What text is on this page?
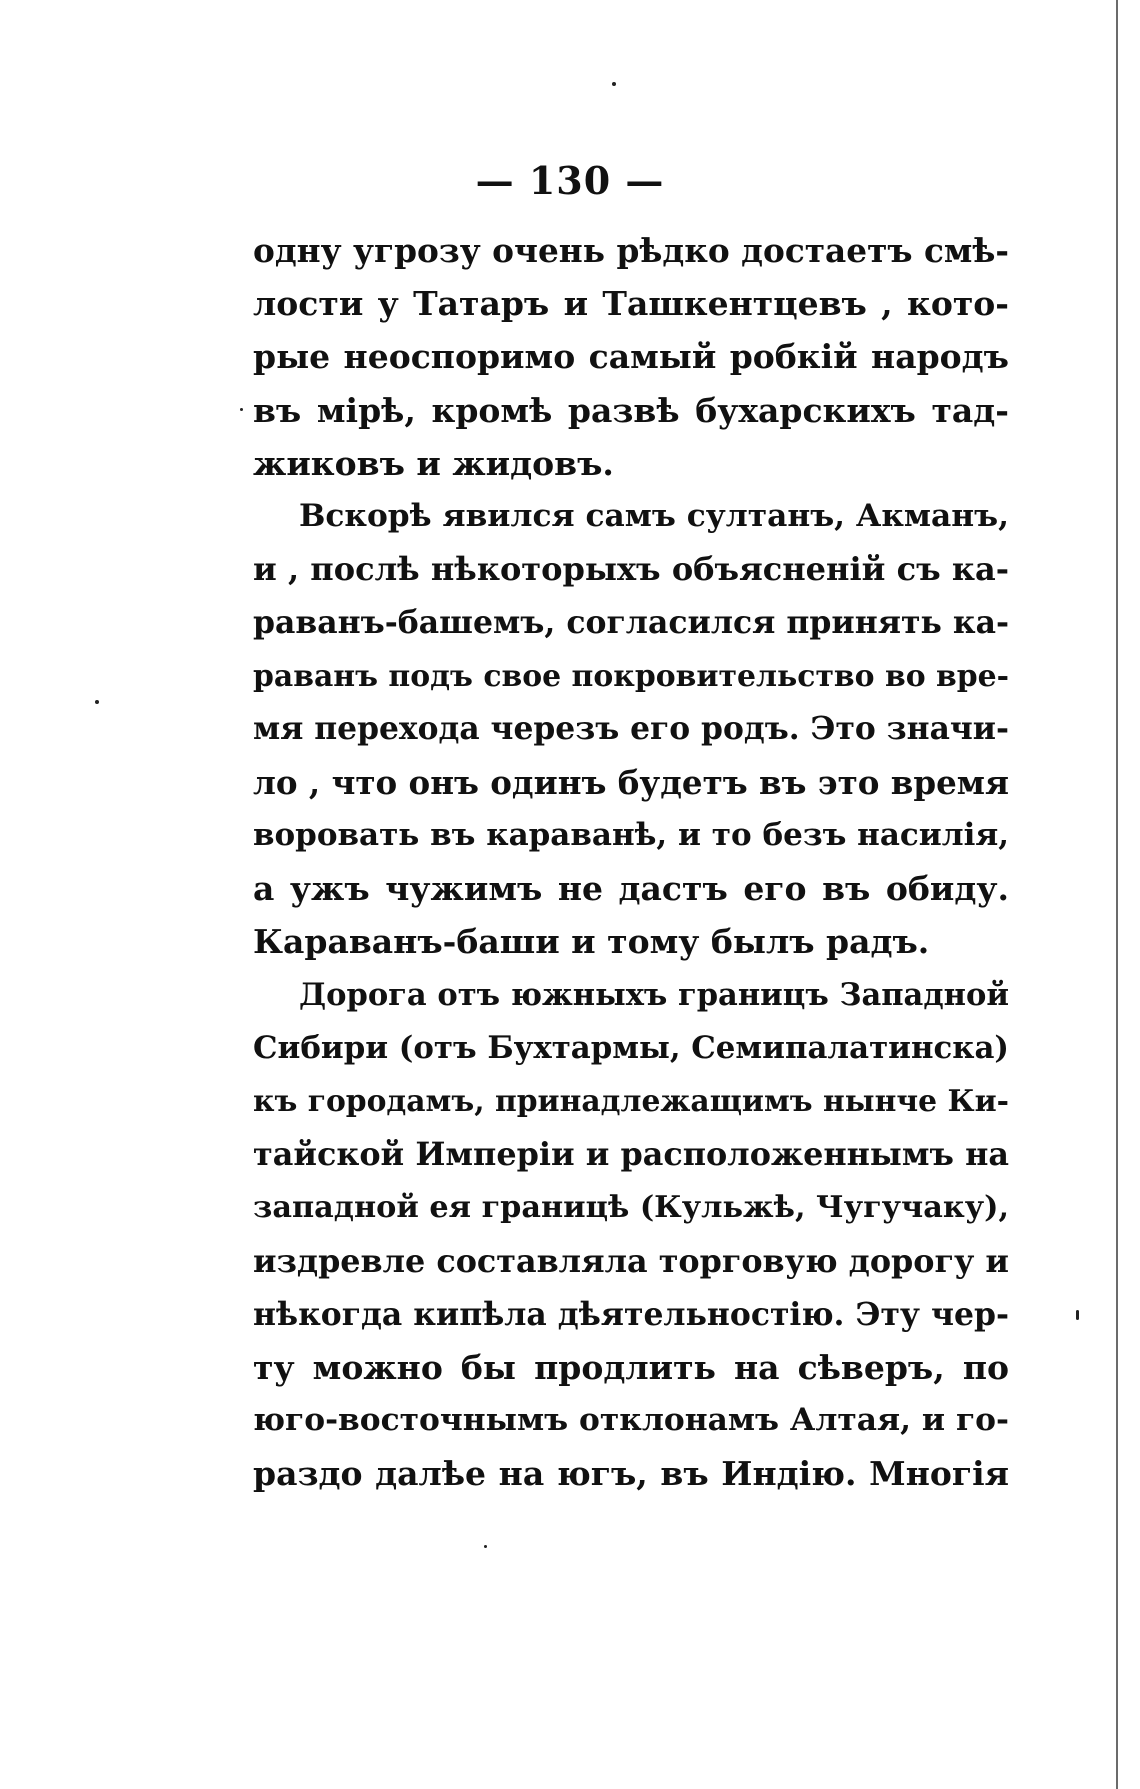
— 130 —
одну угрозу очень рѣдко достаетъ смѣ-
лости у Татаръ и Ташкентцевъ , кото-
рые неоспоримо самый робкій народъ
въ мірѣ, кромѣ развѣ бухарскихъ тад-
жиковъ и жидовъ.
Вскорѣ явился самъ султанъ, Акманъ,
и , послѣ нѣкоторыхъ объясненій съ ка-
раванъ-башемъ, согласился принять ка-
раванъ подъ свое покровительство во вре-
мя перехода черезъ его родъ. Это значи-
ло , что онъ одинъ будетъ въ это время
воровать въ караванѣ, и то безъ насилія,
а ужъ чужимъ не дастъ его въ обиду.
Караванъ-баши и тому былъ радъ.
Дорога отъ южныхъ границъ Западной
Сибири (отъ Бухтармы, Семипалатинска)
къ городамъ, принадлежащимъ нынче Ки-
тайской Имперіи и расположеннымъ на
западной ея границѣ (Кульжѣ, Чугучаку),
издревле составляла торговую дорогу и
нѣкогда кипѣла дѣятельностію. Эту чер-
ту можно бы продлить на сѣверъ, по
юго-восточнымъ отклонамъ Алтая, и го-
раздо далѣе на югъ, въ Индію. Многія
